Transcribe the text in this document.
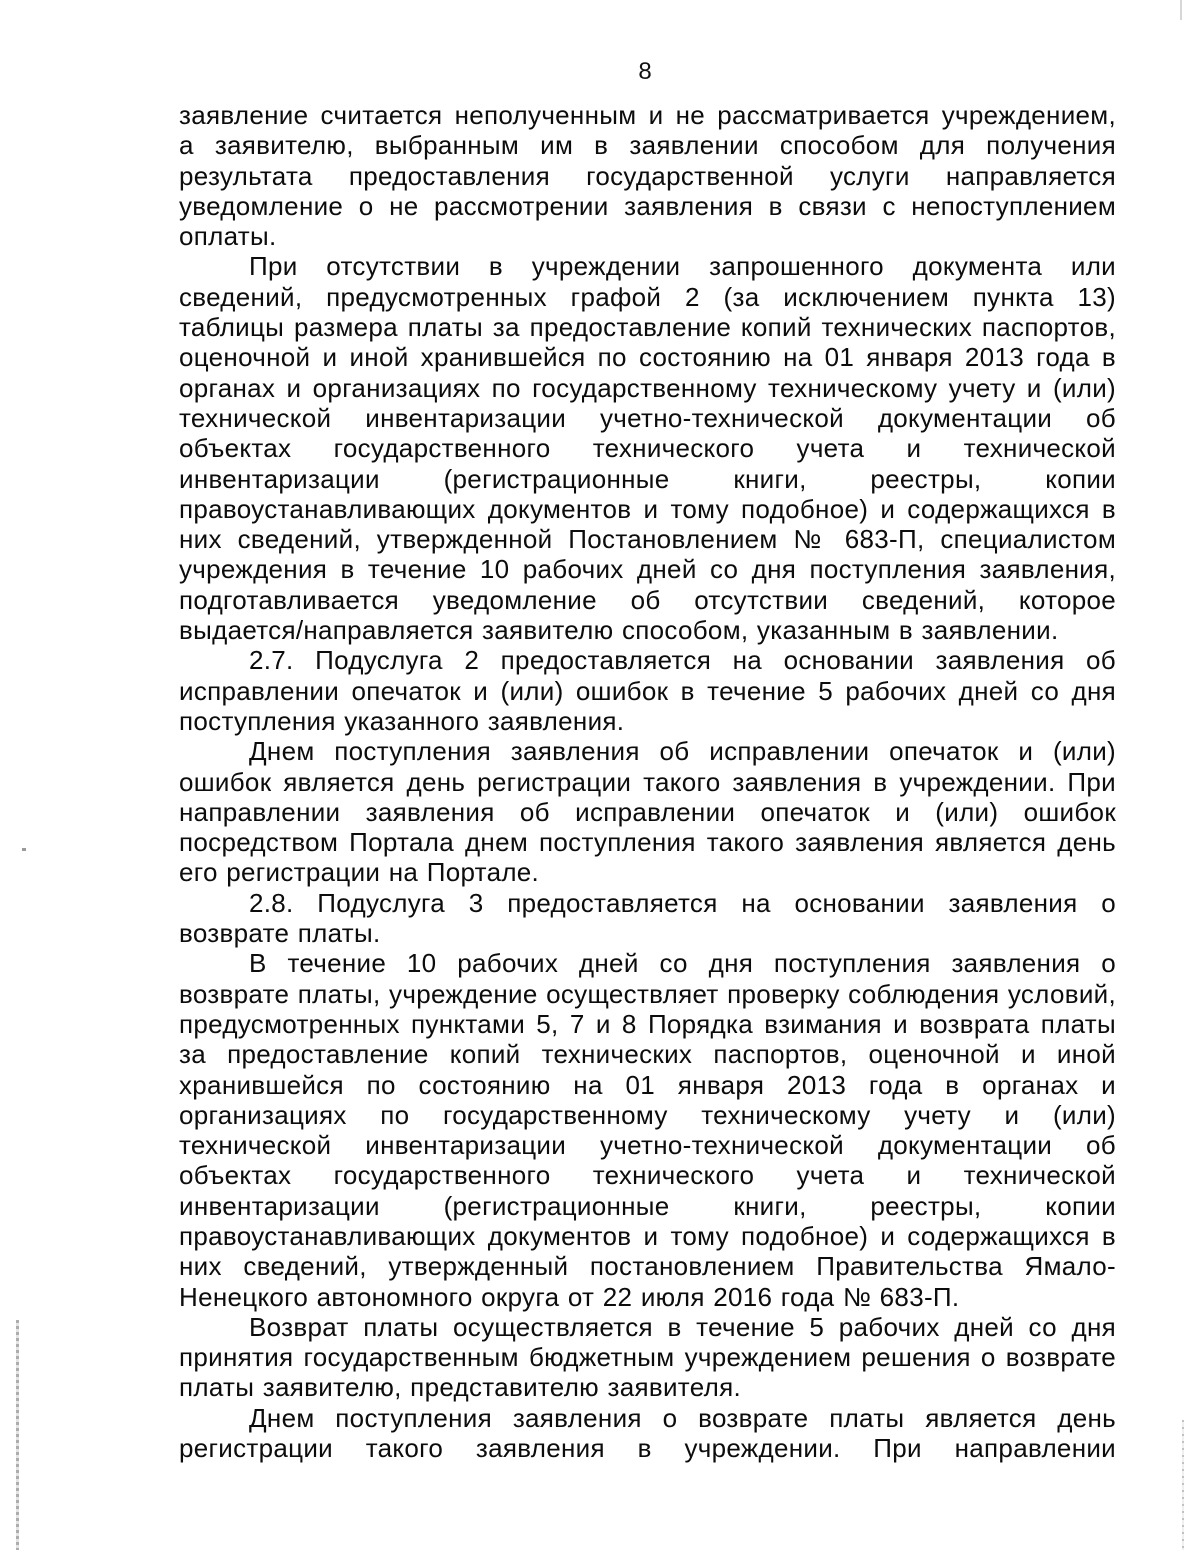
8

заявление считается неполученным и не рассматривается учреждением, а заявителю, выбранным им в заявлении способом для получения результата предоставления государственной услуги направляется уведомление о не рассмотрении заявления в связи с непоступлением оплаты.

При отсутствии в учреждении запрошенного документа или сведений, предусмотренных графой 2 (за исключением пункта 13) таблицы размера платы за предоставление копий технических паспортов, оценочной и иной хранившейся по состоянию на 01 января 2013 года в органах и организациях по государственному техническому учету и (или) технической инвентаризации учетно-технической документации об объектах государственного технического учета и технической инвентаризации (регистрационные книги, реестры, копии правоустанавливающих документов и тому подобное) и содержащихся в них сведений, утвержденной Постановлением № 683-П, специалистом учреждения в течение 10 рабочих дней со дня поступления заявления, подготавливается уведомление об отсутствии сведений, которое выдается/направляется заявителю способом, указанным в заявлении.

2.7. Подуслуга 2 предоставляется на основании заявления об исправлении опечаток и (или) ошибок в течение 5 рабочих дней со дня поступления указанного заявления.

Днем поступления заявления об исправлении опечаток и (или) ошибок является день регистрации такого заявления в учреждении. При направлении заявления об исправлении опечаток и (или) ошибок посредством Портала днем поступления такого заявления является день его регистрации на Портале.

2.8. Подуслуга 3 предоставляется на основании заявления о возврате платы.

В течение 10 рабочих дней со дня поступления заявления о возврате платы, учреждение осуществляет проверку соблюдения условий, предусмотренных пунктами 5, 7 и 8 Порядка взимания и возврата платы за предоставление копий технических паспортов, оценочной и иной хранившейся по состоянию на 01 января 2013 года в органах и организациях по государственному техническому учету и (или) технической инвентаризации учетно-технической документации об объектах государственного технического учета и технической инвентаризации (регистрационные книги, реестры, копии правоустанавливающих документов и тому подобное) и содержащихся в них сведений, утвержденный постановлением Правительства Ямало-Ненецкого автономного округа от 22 июля 2016 года № 683-П.

Возврат платы осуществляется в течение 5 рабочих дней со дня принятия государственным бюджетным учреждением решения о возврате платы заявителю, представителю заявителя.

Днем поступления заявления о возврате платы является день регистрации такого заявления в учреждении. При направлении
